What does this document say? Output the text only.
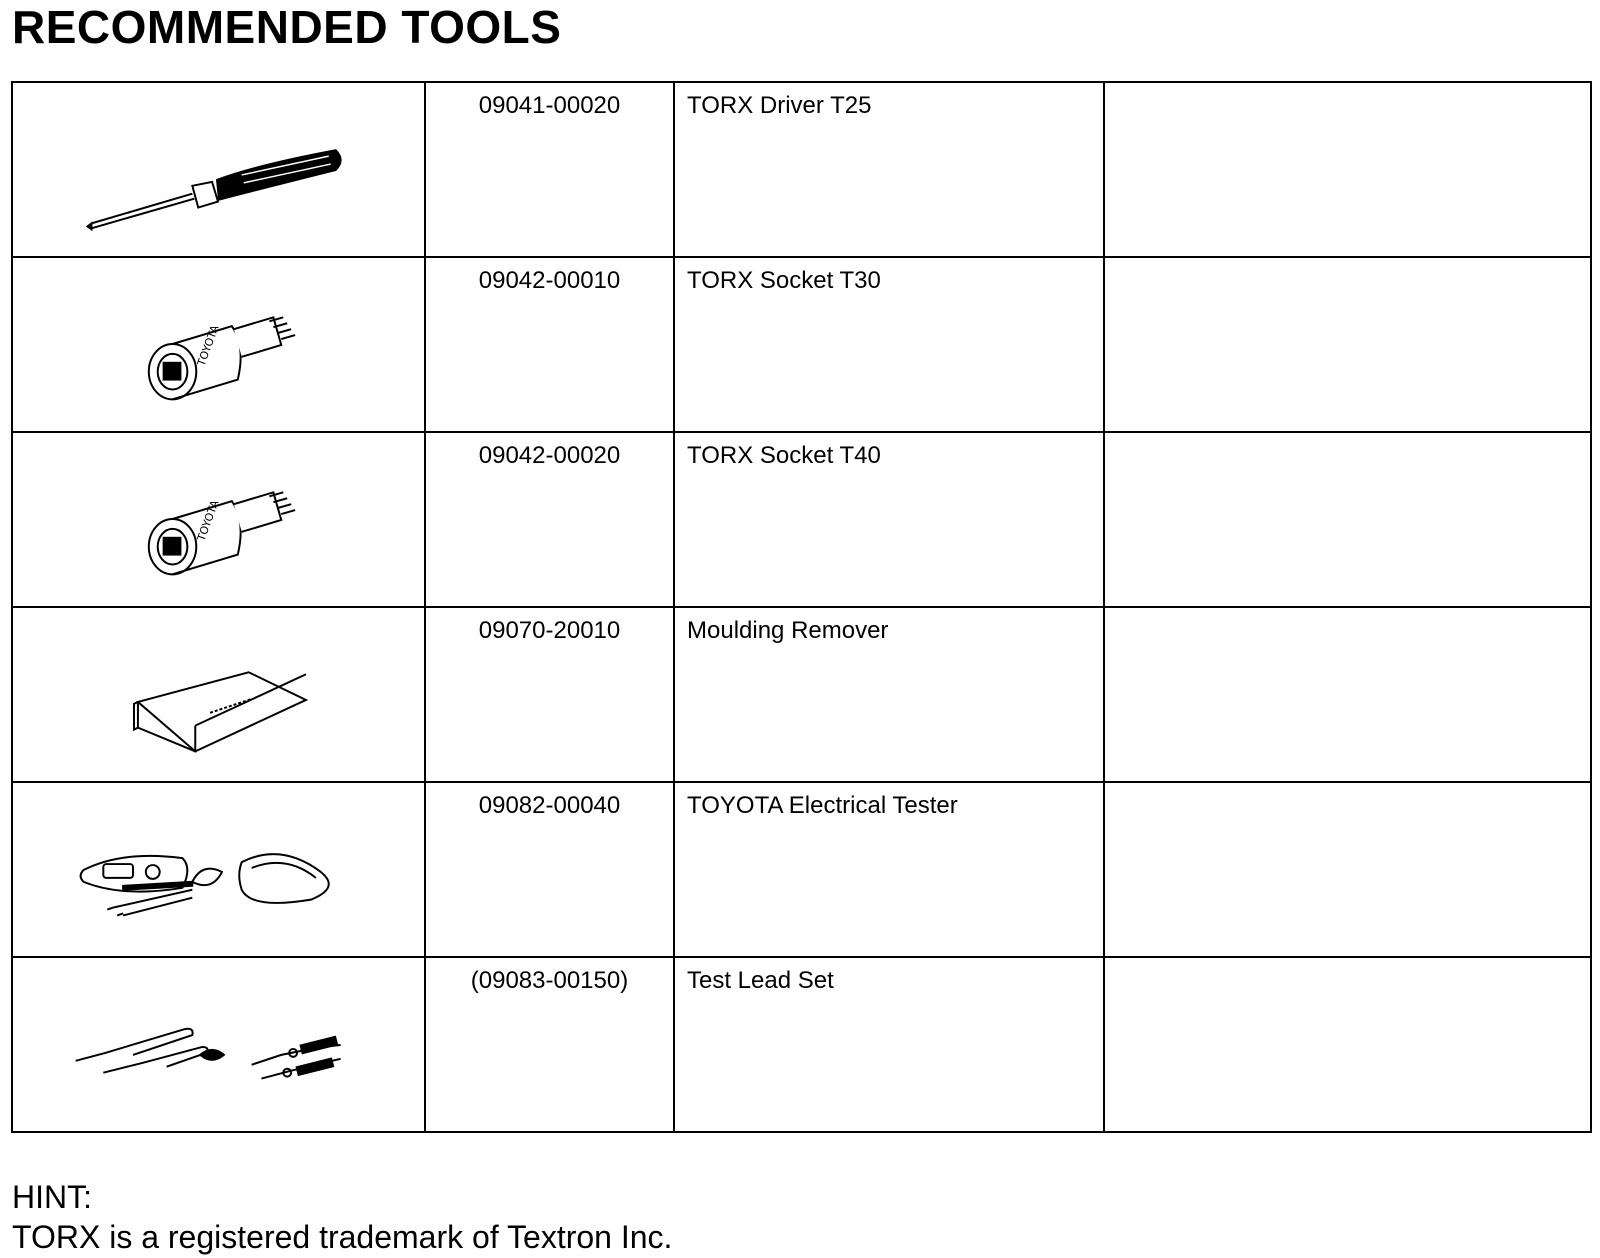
RECOMMENDED TOOLS

09041-00020	TORX Driver T25	

TOYOTA	09042-00010	TORX Socket T30	

TOYOTA	09042-00020	TORX Socket T40	

09070-20010	Moulding Remover	

09082-00040	TOYOTA Electrical Tester	

(09083-00150)	Test Lead Set	

HINT:
TORX is a registered trademark of Textron Inc.
